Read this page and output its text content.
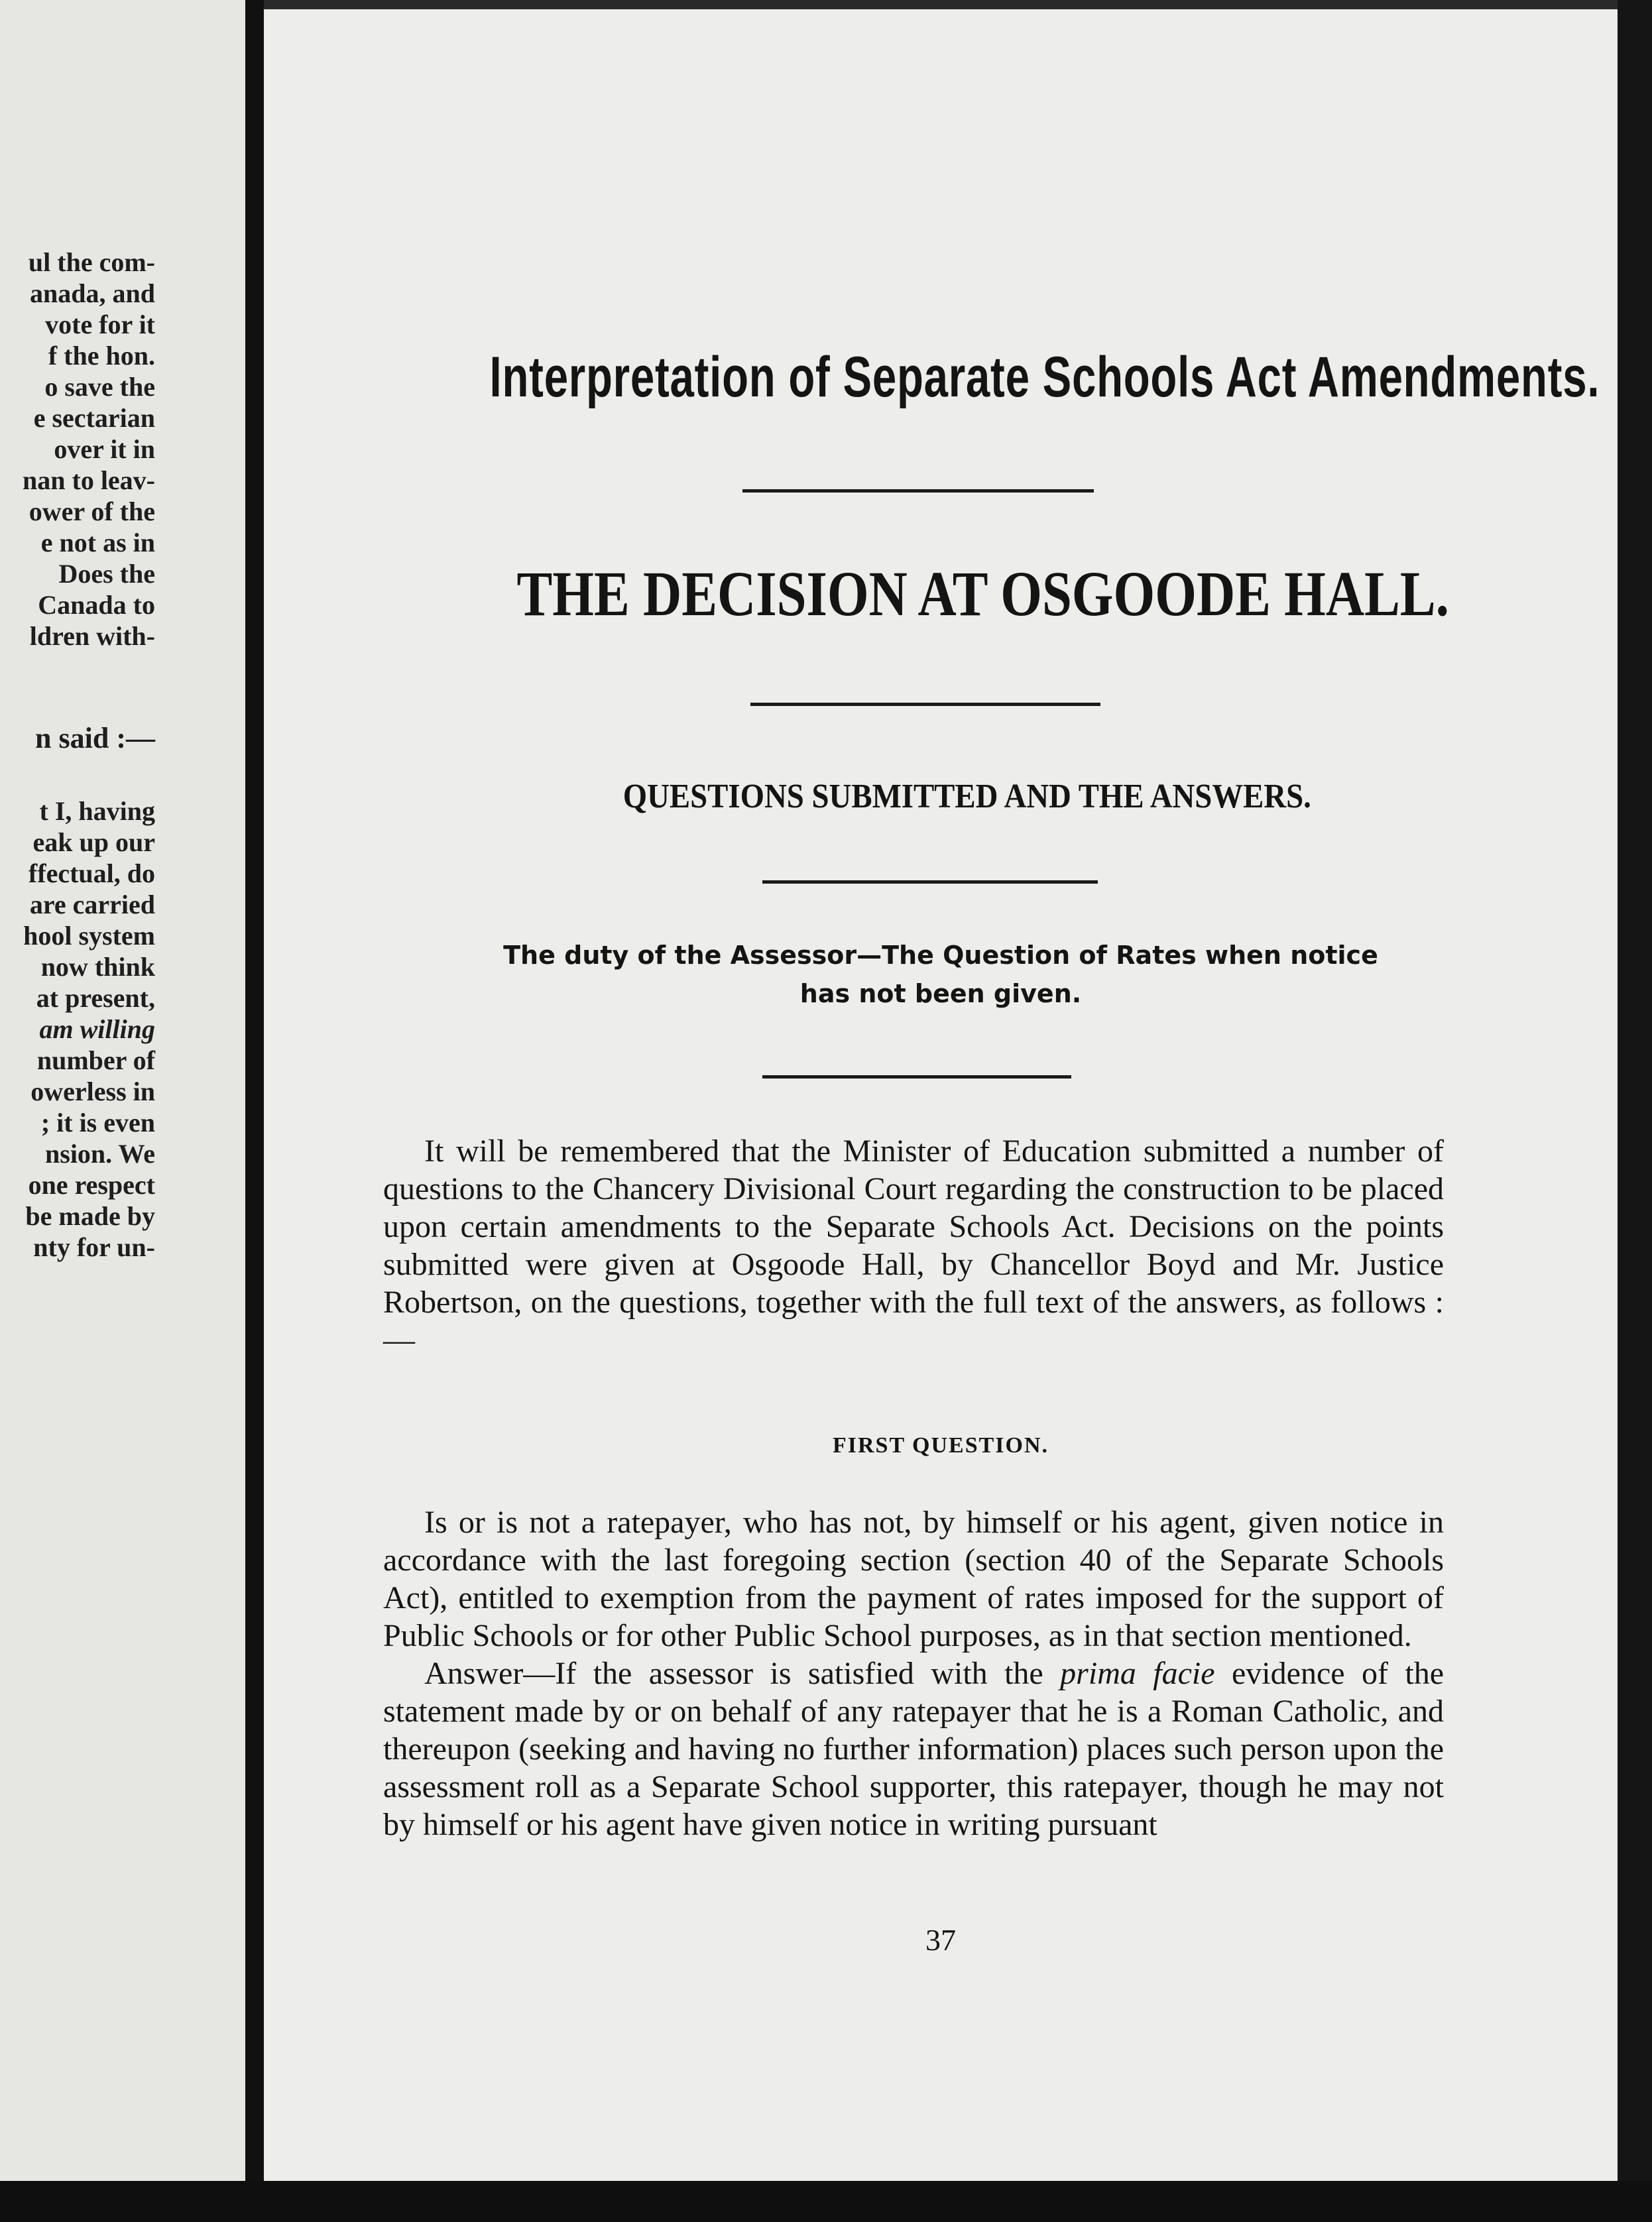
ul the com-
anada, and
vote for it
f the hon.
o save the
e sectarian
over it in
nan to leav-
ower of the
e not as in
Does the
Canada to
ldren with-
n said :—
t I, having
eak up our
ffectual, do
are carried
hool system
now think
at present,
am willing
number of
owerless in
; it is even
nsion. We
one respect
be made by
nty for un-
Interpretation of Separate Schools Act Amendments.
THE DECISION AT OSGOODE HALL.
QUESTIONS SUBMITTED AND THE ANSWERS.
The duty of the Assessor—The Question of Rates when notice
has not been given.

It will be remembered that the Minister of Education submitted a number of questions to the Chancery Divisional Court regarding the construction to be placed upon certain amendments to the Separate Schools Act. Decisions on the points submitted were given at Osgoode Hall, by Chancellor Boyd and Mr. Justice Robertson, on the questions, together with the full text of the answers, as follows :—

FIRST QUESTION.

Is or is not a ratepayer, who has not, by himself or his agent, given notice in accordance with the last foregoing section (section 40 of the Separate Schools Act), entitled to exemption from the payment of rates imposed for the support of Public Schools or for other Public School purposes, as in that section mentioned.

Answer—If the assessor is satisfied with the prima facie evidence of the statement made by or on behalf of any ratepayer that he is a Roman Catholic, and thereupon (seeking and having no further information) places such person upon the assessment roll as a Separate School supporter, this ratepayer, though he may not by himself or his agent have given notice in writing pursuant

37
